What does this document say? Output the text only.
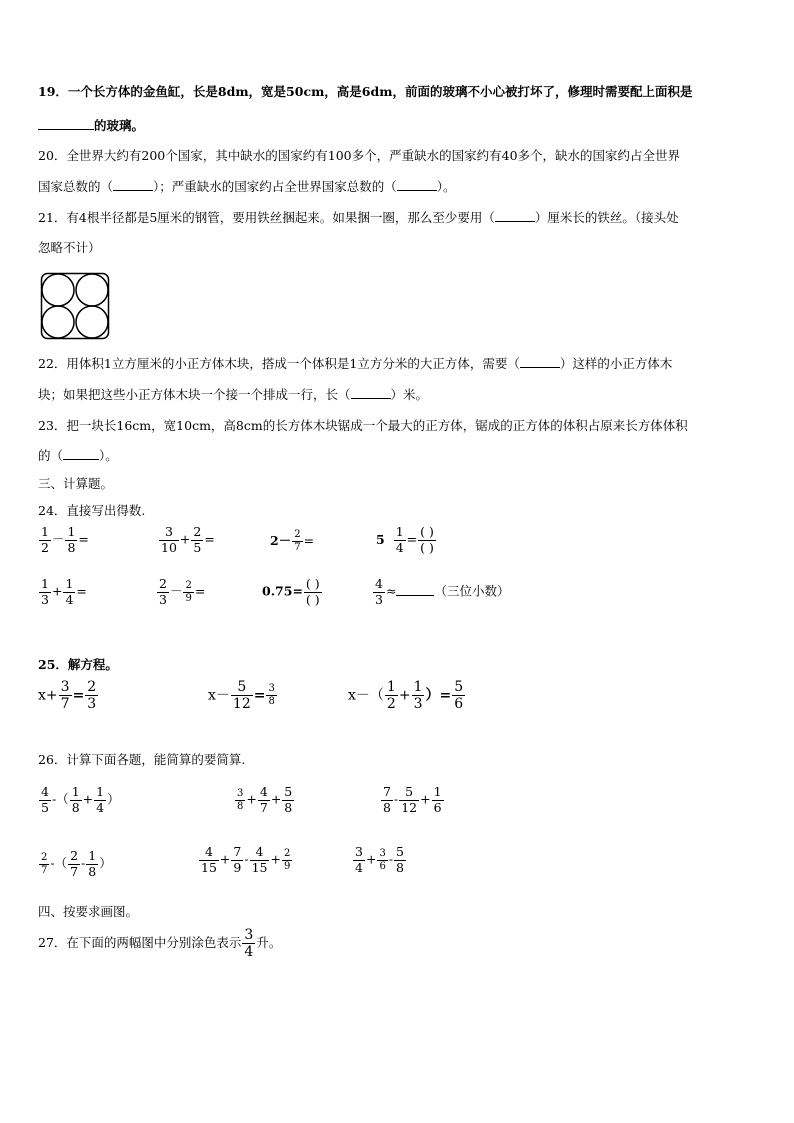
19．一个长方体的金鱼缸，长是8dm，宽是50cm，高是6dm，前面的玻璃不小心被打坏了，修理时需要配上面积是
的玻璃。
20．全世界大约有200个国家，其中缺水的国家约有100多个，严重缺水的国家约有40多个，缺水的国家约占全世界
国家总数的（	）；严重缺水的国家约占全世界国家总数的（	）。
21．有4根半径都是5厘米的钢管，要用铁丝捆起来。如果捆一圈，那么至少要用（	）厘米长的铁丝。（接头处
忽略不计）
22．用体积1立方厘米的小正方体木块，搭成一个体积是1立方分米的大正方体，需要（	）这样的小正方体木
块；如果把这些小正方体木块一个接一个排成一行，长（	）米。
23．把一块长16cm，宽10cm，高8cm的长方体木块锯成一个最大的正方体，锯成的正方体的体积占原来长方体体积
的（	）。
三、计算题。
24．直接写出得数.
$\frac{1}{2} - \frac{1}{8}$ =	$\frac{3}{10} + \frac{2}{5}$ =	$2- \frac{2}{7}$ =	$5 \frac{1}{4} = \frac{( )}{( )}$
$\frac{1}{3} + \frac{1}{4}$ =	$\frac{2}{3} - \frac{2}{9}$ =	$0.75= \frac{( )}{( )}$	$\frac{4}{3}$ ≈	（三位小数）
25．解方程。
$x+ \frac{3}{7} = \frac{2}{3}$	$x- \frac{5}{12} = \frac{3}{8}$	$x-( \frac{1}{2} + \frac{1}{3}$ ）= $\frac{5}{6}$
26．计算下面各题，能简算的要简算.
$\frac{4}{5}$ -（ $\frac{1}{8} + \frac{1}{4}$ ）	$\frac{3}{8} + \frac{4}{7} + \frac{5}{8}$	$\frac{7}{8} - \frac{5}{12} + \frac{1}{6}$
$\frac{2}{7}$ -（ $\frac{2}{7} - \frac{1}{8}$ ）	$\frac{4}{15} + \frac{7}{9} - \frac{4}{15} + \frac{2}{9}$	$\frac{3}{4} + \frac{3}{6} - \frac{5}{8}$
四、按要求画图。
27．在下面的两幅图中分别涂色表示 $\frac{3}{4}$ 升。
